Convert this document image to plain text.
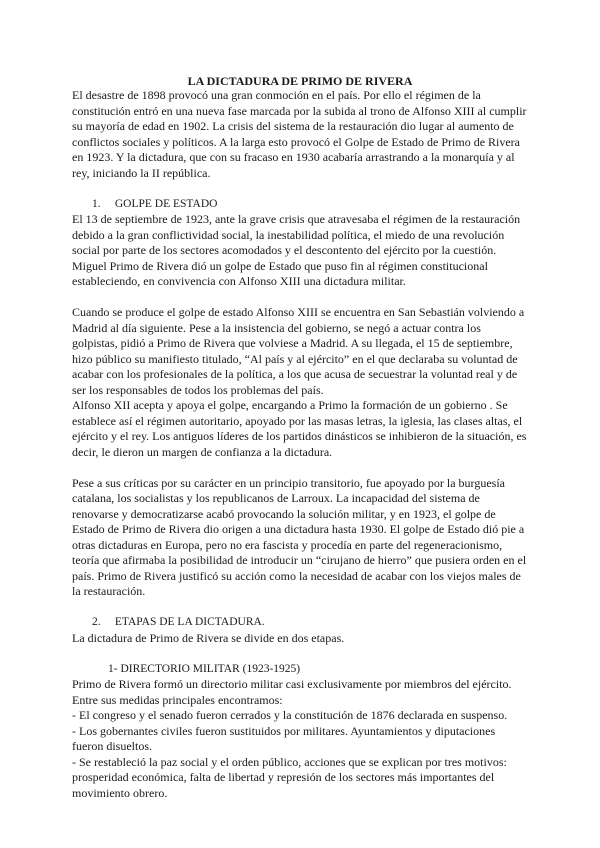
LA DICTADURA DE PRIMO DE RIVERA

El desastre de 1898 provocó una gran conmoción en el país. Por ello el régimen de la constitución entró en una nueva fase marcada por la subida al trono de Alfonso XIII al cumplir su mayoría de edad en 1902. La crisis del sistema de la restauración dio lugar al aumento de conflictos sociales y políticos. A la larga esto provocó el Golpe de Estado de Primo de Rivera en 1923. Y la dictadura, que con su fracaso en 1930 acabaría arrastrando a la monarquía y al rey, iniciando la II república.

1. GOLPE DE ESTADO

El 13 de septiembre de 1923, ante la grave crisis que atravesaba el régimen de la restauración debido a la gran conflictividad social, la inestabilidad política, el miedo de una revolución social por parte de los sectores acomodados y el descontento del ejército por la cuestión. Miguel Primo de Rivera dió un golpe de Estado que puso fin al régimen constitucional estableciendo, en convivencia con Alfonso XIII una dictadura militar.

Cuando se produce el golpe de estado Alfonso XIII se encuentra en San Sebastián volviendo a Madrid al día siguiente. Pese a la insistencia del gobierno, se negó a actuar contra los golpistas, pidió a Primo de Rivera que volviese a Madrid. A su llegada, el 15 de septiembre, hizo público su manifiesto titulado, “Al país y al ejército” en el que declaraba su voluntad de acabar con los profesionales de la política, a los que acusa de secuestrar la voluntad real y de ser los responsables de todos los problemas del país.

Alfonso XII acepta y apoya el golpe, encargando a Primo la formación de un gobierno . Se establece así el régimen autoritario, apoyado por las masas letras, la iglesia, las clases altas, el ejército y el rey. Los antiguos líderes de los partidos dinásticos se inhibieron de la situación, es decir, le dieron un margen de confianza a la dictadura.

Pese a sus críticas por su carácter en un principio transitorio, fue apoyado por la burguesía catalana, los socialistas y los republicanos de Larroux. La incapacidad del sistema de renovarse y democratizarse acabó provocando la solución militar, y en 1923, el golpe de Estado de Primo de Rivera dio origen a una dictadura hasta 1930. El golpe de Estado dió pie a otras dictaduras en Europa, pero no era fascista y procedía en parte del regeneracionismo, teoría que afirmaba la posibilidad de introducir un “cirujano de hierro” que pusiera orden en el país. Primo de Rivera justificó su acción como la necesidad de acabar con los viejos males de la restauración.

2. ETAPAS DE LA DICTADURA.

La dictadura de Primo de Rivera se divide en dos etapas.

1- DIRECTORIO MILITAR (1923-1925)

Primo de Rivera formó un directorio militar casi exclusivamente por miembros del ejército. Entre sus medidas principales encontramos:

- El congreso y el senado fueron cerrados y la constitución de 1876 declarada en suspenso.

- Los gobernantes civiles fueron sustituidos por militares. Ayuntamientos y diputaciones fueron disueltos.

- Se restableció la paz social y el orden público, acciones que se explican por tres motivos: prosperidad económica, falta de libertad y represión de los sectores más importantes del movimiento obrero.
